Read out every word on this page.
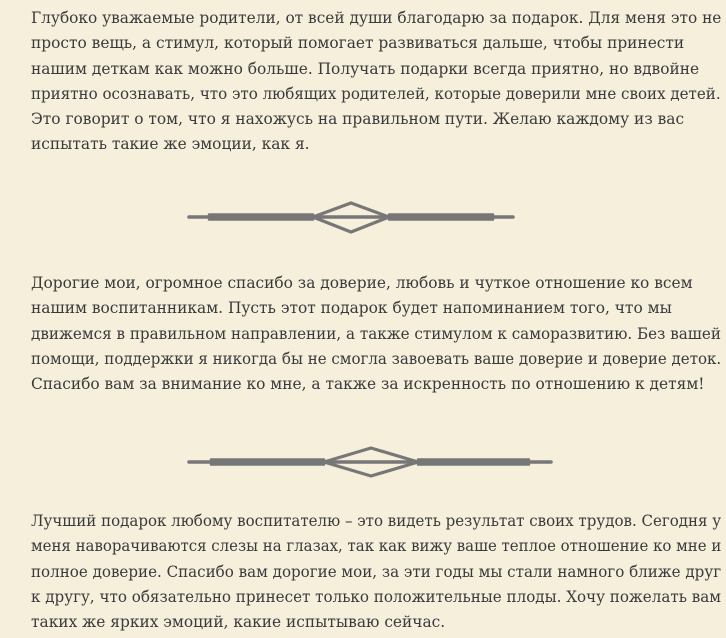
Глубоко уважаемые родители, от всей души благодарю за подарок. Для меня это не
просто вещь, а стимул, который помогает развиваться дальше, чтобы принести
нашим деткам как можно больше. Получать подарки всегда приятно, но вдвойне
приятно осознавать, что это любящих родителей, которые доверили мне своих детей.
Это говорит о том, что я нахожусь на правильном пути. Желаю каждому из вас
испытать такие же эмоции, как я.
Дорогие мои, огромное спасибо за доверие, любовь и чуткое отношение ко всем
нашим воспитанникам. Пусть этот подарок будет напоминанием того, что мы
движемся в правильном направлении, а также стимулом к саморазвитию. Без вашей помощи, поддержки я никогда бы не смогла завоевать ваше доверие и доверие деток.
Спасибо вам за внимание ко мне, а также за искренность по отношению к детям!
Лучший подарок любому воспитателю – это видеть результат своих трудов. Сегодня у меня наворачиваются слезы на глазах, так как вижу ваше теплое отношение ко мне и полное доверие. Спасибо вам дорогие мои, за эти годы мы стали намного ближе друг к другу, что обязательно принесет только положительные плоды. Хочу пожелать вам
таких же ярких эмоций, какие испытываю сейчас.
